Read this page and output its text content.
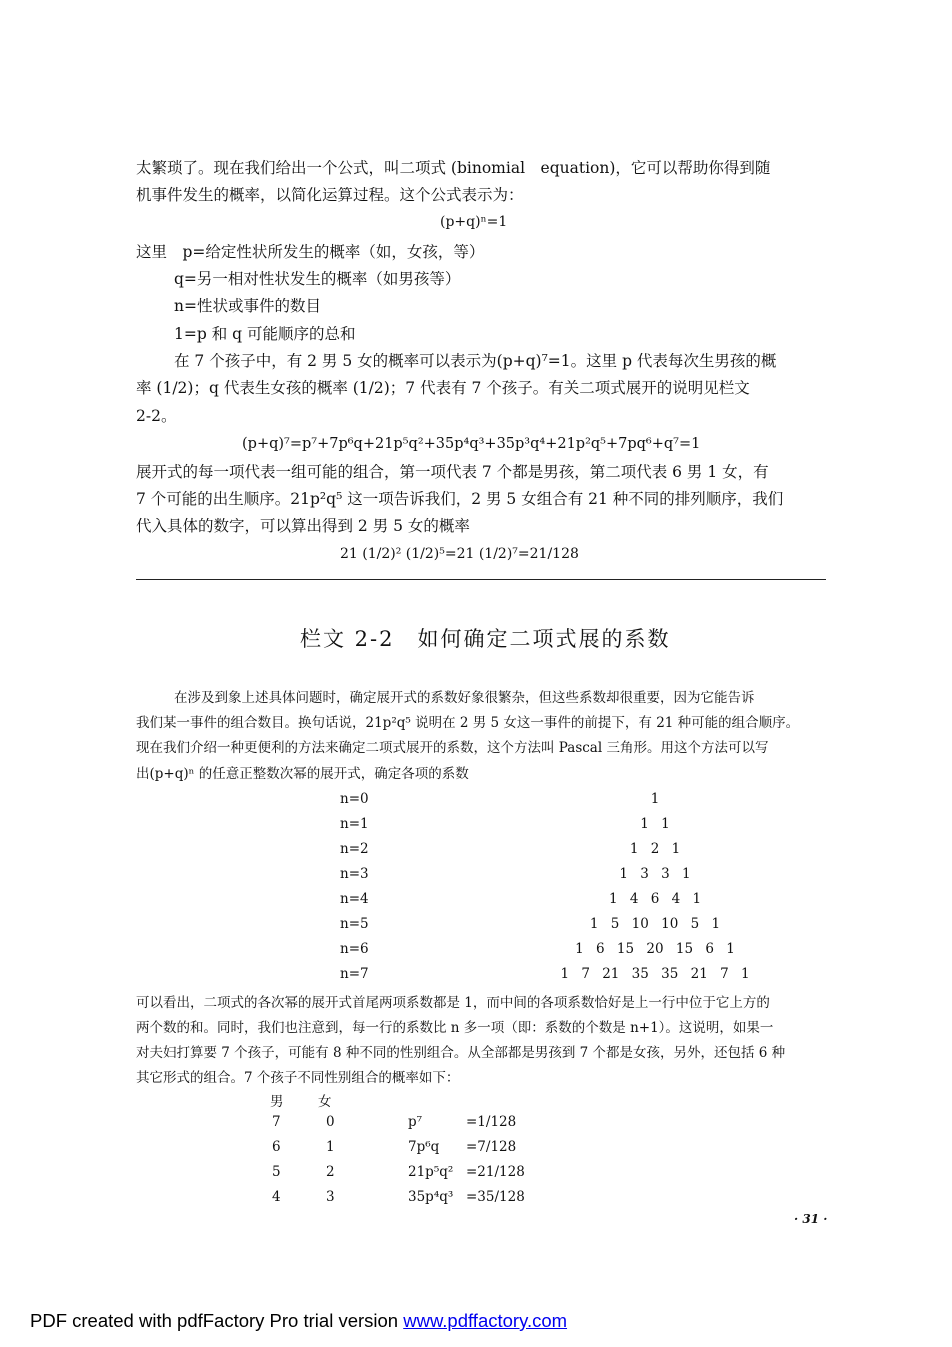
太繁琐了。现在我们给出一个公式，叫二项式 (binomial　equation)，它可以帮助你得到随
机事件发生的概率，以简化运算过程。这个公式表示为：
(p+q)ⁿ=1
这里　p=给定性状所发生的概率（如，女孩，等）
q=另一相对性状发生的概率（如男孩等）
n=性状或事件的数目
1=p 和 q 可能顺序的总和
在 7 个孩子中，有 2 男 5 女的概率可以表示为(p+q)⁷=1。这里 p 代表每次生男孩的概
率 (1/2)；q 代表生女孩的概率 (1/2)；7 代表有 7 个孩子。有关二项式展开的说明见栏文
2-2。
(p+q)⁷=p⁷+7p⁶q+21p⁵q²+35p⁴q³+35p³q⁴+21p²q⁵+7pq⁶+q⁷=1
展开式的每一项代表一组可能的组合，第一项代表 7 个都是男孩，第二项代表 6 男 1 女，有
7 个可能的出生顺序。21p²q⁵ 这一项告诉我们，2 男 5 女组合有 21 种不同的排列顺序，我们
代入具体的数字，可以算出得到 2 男 5 女的概率
21 (1/2)² (1/2)⁵=21 (1/2)⁷=21/128
栏文 2-2　如何确定二项式展的系数
在涉及到象上述具体问题时，确定展开式的系数好象很繁杂，但这些系数却很重要，因为它能告诉
我们某一事件的组合数目。换句话说，21p²q⁵ 说明在 2 男 5 女这一事件的前提下，有 21 种可能的组合顺序。
现在我们介绍一种更便利的方法来确定二项式展开的系数，这个方法叫 Pascal 三角形。用这个方法可以写
出(p+q)ⁿ 的任意正整数次幂的展开式，确定各项的系数
n=0	1
n=1	1 1
n=2	1 2 1
n=3	1 3 3 1
n=4	1 4 6 4 1
n=5	1 5 10 10 5 1
n=6	1 6 15 20 15 6 1
n=7	1 7 21 35 35 21 7 1
可以看出，二项式的各次幂的展开式首尾两项系数都是 1，而中间的各项系数恰好是上一行中位于它上方的
两个数的和。同时，我们也注意到，每一行的系数比 n 多一项（即：系数的个数是 n+1）。这说明，如果一
对夫妇打算要 7 个孩子，可能有 8 种不同的性别组合。从全部都是男孩到 7 个都是女孩，另外，还包括 6 种
其它形式的组合。7 个孩子不同性别组合的概率如下：
男	女
7	0	p⁷	=1/128
6	1	7p⁶q =7/128
5	2	21p⁵q² =21/128
4	3	35p⁴q³ =35/128
· 31 ·
PDF created with pdfFactory Pro trial version www.pdffactory.com
